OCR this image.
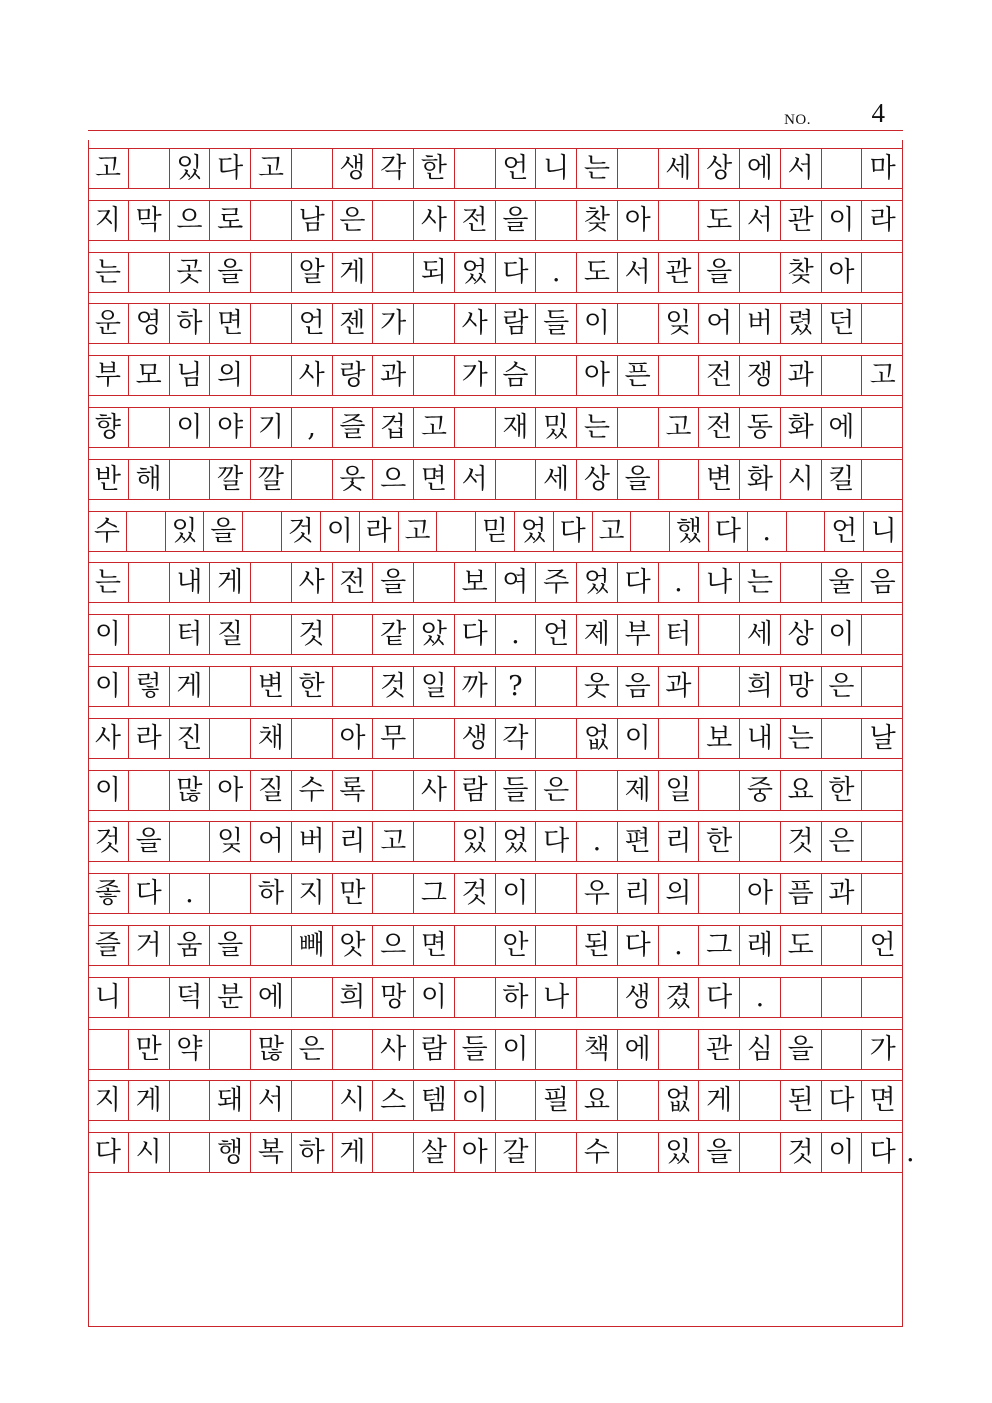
NO. 4
고 있 다 고 생 각 한 언 니 는 세 상 에 서 마
지 막 으 로 남 은 사 전 을 찾 아 도 서 관 이 라
는 곳 을 알 게 되 었 다 . 도 서 관 을 찾 아
운 영 하 면 언 젠 가 사 람 들 이 잊 어 버 렸 던
부 모 님 의 사 랑 과 가 슴 아 픈 전 쟁 과 고
향 이 야 기 , 즐 겁 고 재 밌 는 고 전 동 화 에
반 해 깔 깔 웃 으 면 서 세 상 을 변 화 시 킬
수 있 을 것 이 라 고 믿 었 다 고 했 다 .	언 니
는 내 게 사 전 을 보 여 주 었 다 . 나 는 울 음
이 터 질 것 같 았 다 . 언 제 부 터 세 상 이
이 렇 게 변 한 것 일 까 ?	웃 음 과 희 망 은
사 라 진 채 아 무 생 각 없 이 보 내 는 날
이 많 아 질 수 록 사 람 들 은 제 일 중 요 한
것 을 잊 어 버 리 고 있 었 다 . 편 리 한 것 은
좋 다 .	하 지 만 그 것 이 우 리 의 아 픔 과
즐 거 움 을 빼 앗 으 면 안 된 다 . 그 래 도 언
니 덕 분 에 희 망 이 하 나 생 겼 다 .
만 약 많 은 사 람 들 이 책 에 관 심 을 가
지 게 돼 서 시 스 템 이 필 요 없 게 된 다 면
다 시 행 복 하 게 살 아 갈 수 있 을 것 이 다 .
